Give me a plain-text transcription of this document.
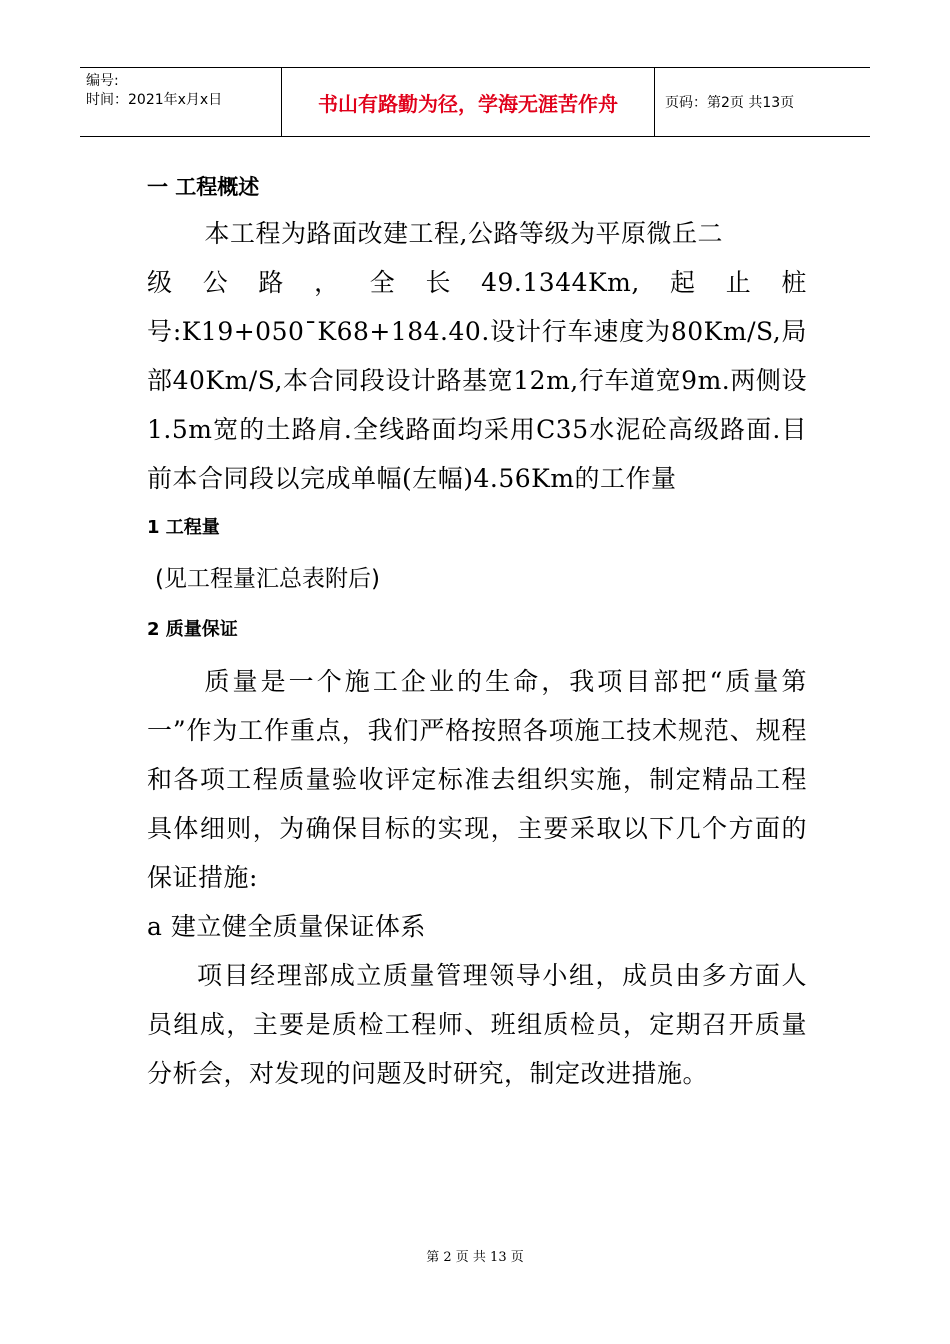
编号:
时间：2021年x月x日	书山有路勤为径，学海无涯苦作舟	页码：第2页 共13页
一 工程概述

本工程为路面改建工程,公路等级为平原微丘二

级 公 路 ， 全 长 49.1344Km, 起 止 桩

号:K19+050¯K68+184.40.设计行车速度为80Km/S,局部40Km/S,本合同段设计路基宽12m,行车道宽9m.两侧设1.5m宽的土路肩.全线路面均采用C35水泥砼高级路面.目前本合同段以完成单幅(左幅)4.56Km的工作量

1 工程量
(见工程量汇总表附后)
2 质量保证

质量是一个施工企业的生命，我项目部把“质量第一”作为工作重点，我们严格按照各项施工技术规范、规程和各项工程质量验收评定标准去组织实施，制定精品工程具体细则，为确保目标的实现，主要采取以下几个方面的保证措施:

a 建立健全质量保证体系

项目经理部成立质量管理领导小组，成员由多方面人员组成，主要是质检工程师、班组质检员，定期召开质量分析会，对发现的问题及时研究，制定改进措施。

第 2 页 共 13 页
